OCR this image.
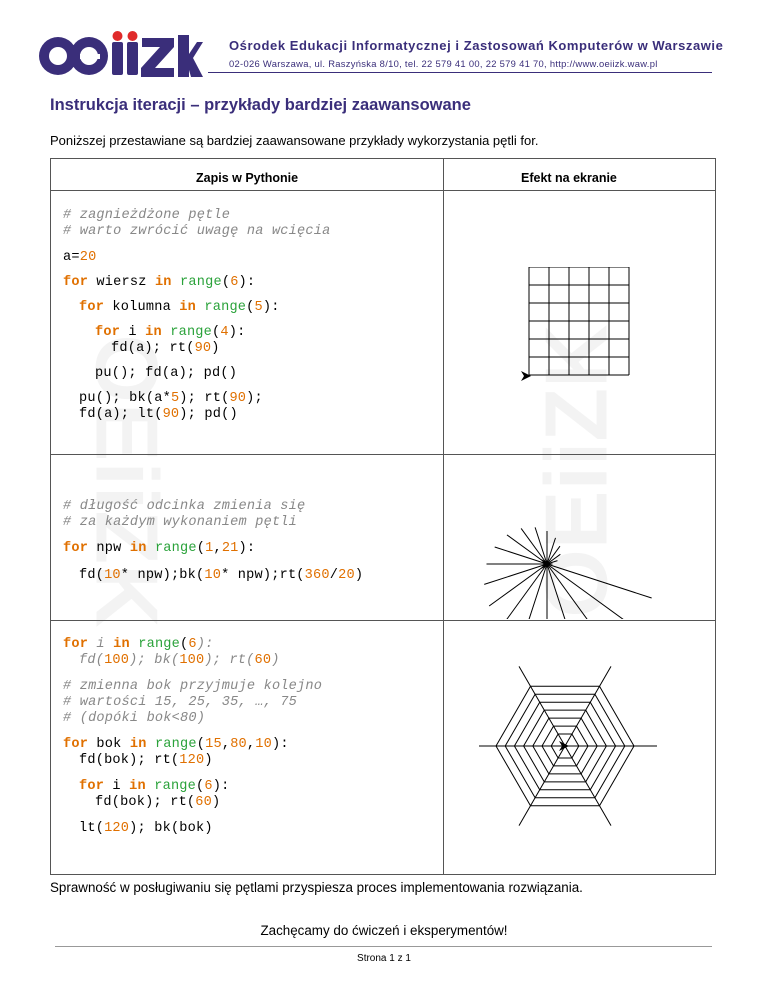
Ośrodek Edukacji Informatycznej i Zastosowań Komputerów w Warszawie
02-026 Warszawa, ul. Raszyńska 8/10, tel. 22 579 41 00, 22 579 41 70, http://www.oeiizk.waw.pl
Instrukcja iteracji – przykłady bardziej zaawansowane
Poniższej przestawiane są bardziej zaawansowane przykłady wykorzystania pętli for.
Zapis w Pythonie	Efekt na ekranie
# zagnieżdżone pętle
# warto zwrócić uwagę na wcięcia
a=20
for wiersz in range(6):
for kolumna in range(5):
for i in range(4):
fd(a); rt(90)
pu(); fd(a); pd()
pu(); bk(a*5); rt(90);
fd(a); lt(90); pd()
# długość odcinka zmienia się
# za każdym wykonaniem pętli
for npw in range(1,21):
fd(10* npw);bk(10* npw);rt(360/20)
for i in range(6):
fd(100); bk(100); rt(60)
# zmienna bok przyjmuje kolejno
# wartości 15, 25, 35, …, 75
# (dopóki bok<80)
for bok in range(15,80,10):
fd(bok); rt(120)
for i in range(6):
fd(bok); rt(60)
lt(120); bk(bok)
Sprawność w posługiwaniu się pętlami przyspiesza proces implementowania rozwiązania.
Zachęcamy do ćwiczeń i eksperymentów!
Strona 1 z 1
